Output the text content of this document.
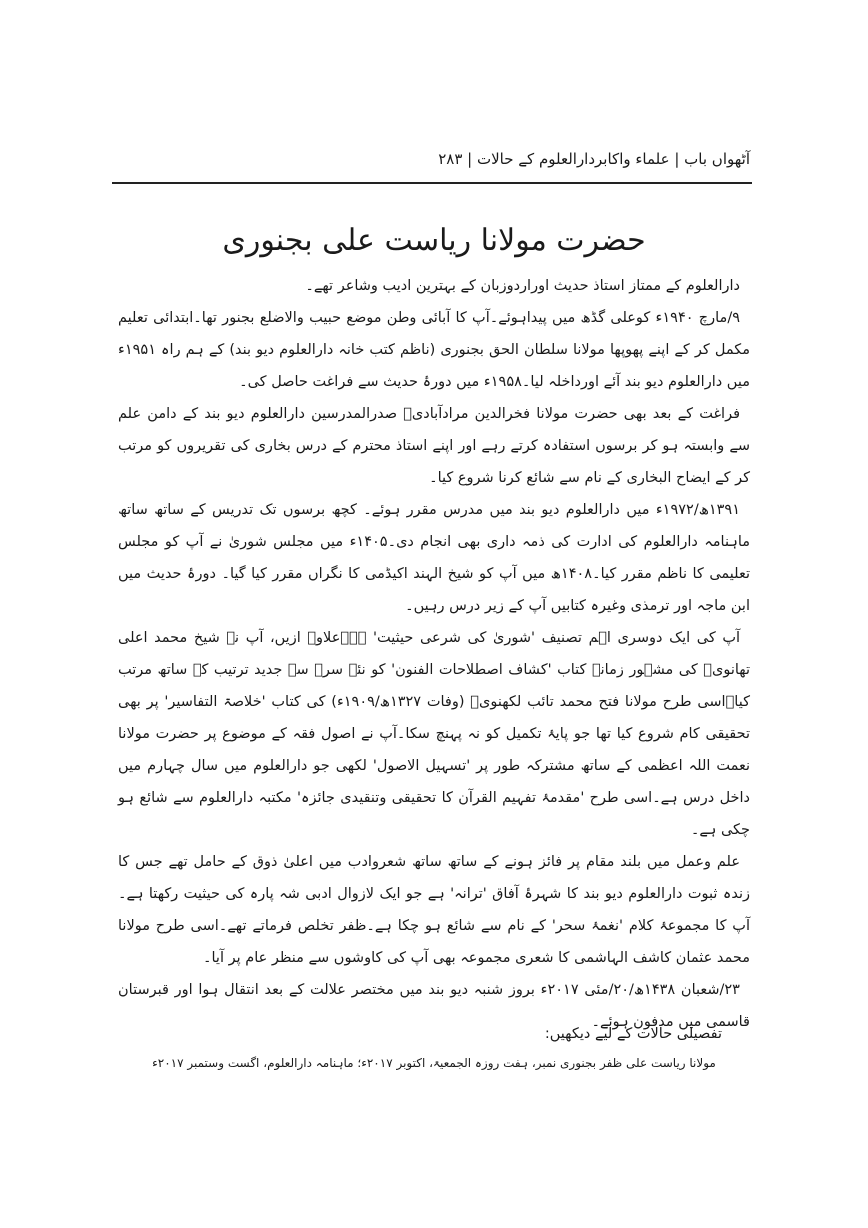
آٹھواں باب | علماء واکابردارالعلوم کے حالات | ۲۸۳
حضرت مولانا ریاست علی بجنوری

دارالعلوم کے ممتاز استاذ حدیث اوراردوزبان کے بہترین ادیب وشاعر تھے۔

۹/مارچ ۱۹۴۰ء کوعلی گڈھ میں پیداہوئے۔آپ کا آبائی وطن موضع حبیب والاضلع بجنور تھا۔ابتدائی تعلیم مکمل کر کے اپنے پھوپھا مولانا سلطان الحق بجنوری (ناظم کتب خانہ دارالعلوم دیو بند) کے ہم راہ ۱۹۵۱ء میں دارالعلوم دیو بند آئے اورداخلہ لیا۔۱۹۵۸ء میں دورۂ حدیث سے فراغت حاصل کی۔

فراغت کے بعد بھی حضرت مولانا فخرالدین مرادآبادیؒ صدرالمدرسین دارالعلوم دیو بند کے دامن علم سے وابستہ ہو کر برسوں استفادہ کرتے رہے اور اپنے استاذ محترم کے درس بخاری کی تقریروں کو مرتب کر کے ایضاح البخاری کے نام سے شائع کرنا شروع کیا۔

۱۳۹۱ھ/۱۹۷۲ء میں دارالعلوم دیو بند میں مدرس مقرر ہوئے۔ کچھ برسوں تک تدریس کے ساتھ ساتھ ماہنامہ دارالعلوم کی ادارت کی ذمہ داری بھی انجام دی۔۱۴۰۵ء میں مجلس شوریٰ نے آپ کو مجلس تعلیمی کا ناظم مقرر کیا۔۱۴۰۸ھ میں آپ کو شیخ الہند اکیڈمی کا نگراں مقرر کیا گیا۔ دورۂ حدیث میں ابن ماجہ اور ترمذی وغیرہ کتابیں آپ کے زیر درس رہیں۔

آپ کی ایک دوسری اہم تصنیف 'شوریٰ کی شرعی حیثیت' ہے۔علاوہ ازیں، آپ نے شیخ محمد اعلی تھانویؒ کی مشہور زمانہ کتاب 'کشاف اصطلاحات الفنون' کو نئے سرے سے جدید ترتیب کے ساتھ مرتب کیا۔اسی طرح مولانا فتح محمد تائب لکھنویؒ (وفات ۱۳۲۷ھ/۱۹۰۹ء) کی کتاب 'خلاصۃ التفاسیر' پر بھی تحقیقی کام شروع کیا تھا جو پایۂ تکمیل کو نہ پہنچ سکا۔آپ نے اصول فقہ کے موضوع پر حضرت مولانا نعمت اللہ اعظمی کے ساتھ مشترکہ طور پر 'تسہیل الاصول' لکھی جو دارالعلوم میں سال چہارم میں داخل درس ہے۔اسی طرح 'مقدمۂ تفہیم القرآن کا تحقیقی وتنقیدی جائزہ' مکتبہ دارالعلوم سے شائع ہو چکی ہے۔

علم وعمل میں بلند مقام پر فائز ہونے کے ساتھ ساتھ شعروادب میں اعلیٰ ذوق کے حامل تھے جس کا زندہ ثبوت دارالعلوم دیو بند کا شہرۂ آفاق 'ترانہ' ہے جو ایک لازوال ادبی شہ پارہ کی حیثیت رکھتا ہے۔آپ کا مجموعۂ کلام 'نغمۂ سحر' کے نام سے شائع ہو چکا ہے۔ظفر تخلص فرماتے تھے۔اسی طرح مولانا محمد عثمان کاشف الہاشمی کا شعری مجموعہ بھی آپ کی کاوشوں سے منظر عام پر آیا۔

۲۳/شعبان ۱۴۳۸ھ/۲۰/مئی ۲۰۱۷ء بروز شنبہ دیو بند میں مختصر علالت کے بعد انتقال ہوا اور قبرستان قاسمی میں مدفون ہوئے۔

تفصیلی حالات کے لیے دیکھیں:

مولانا ریاست علی ظفر بجنوری نمبر، ہفت روزہ الجمعیۃ، اکتوبر ۲۰۱۷ء؛ ماہنامہ دارالعلوم، اگست وستمبر ۲۰۱۷ء
